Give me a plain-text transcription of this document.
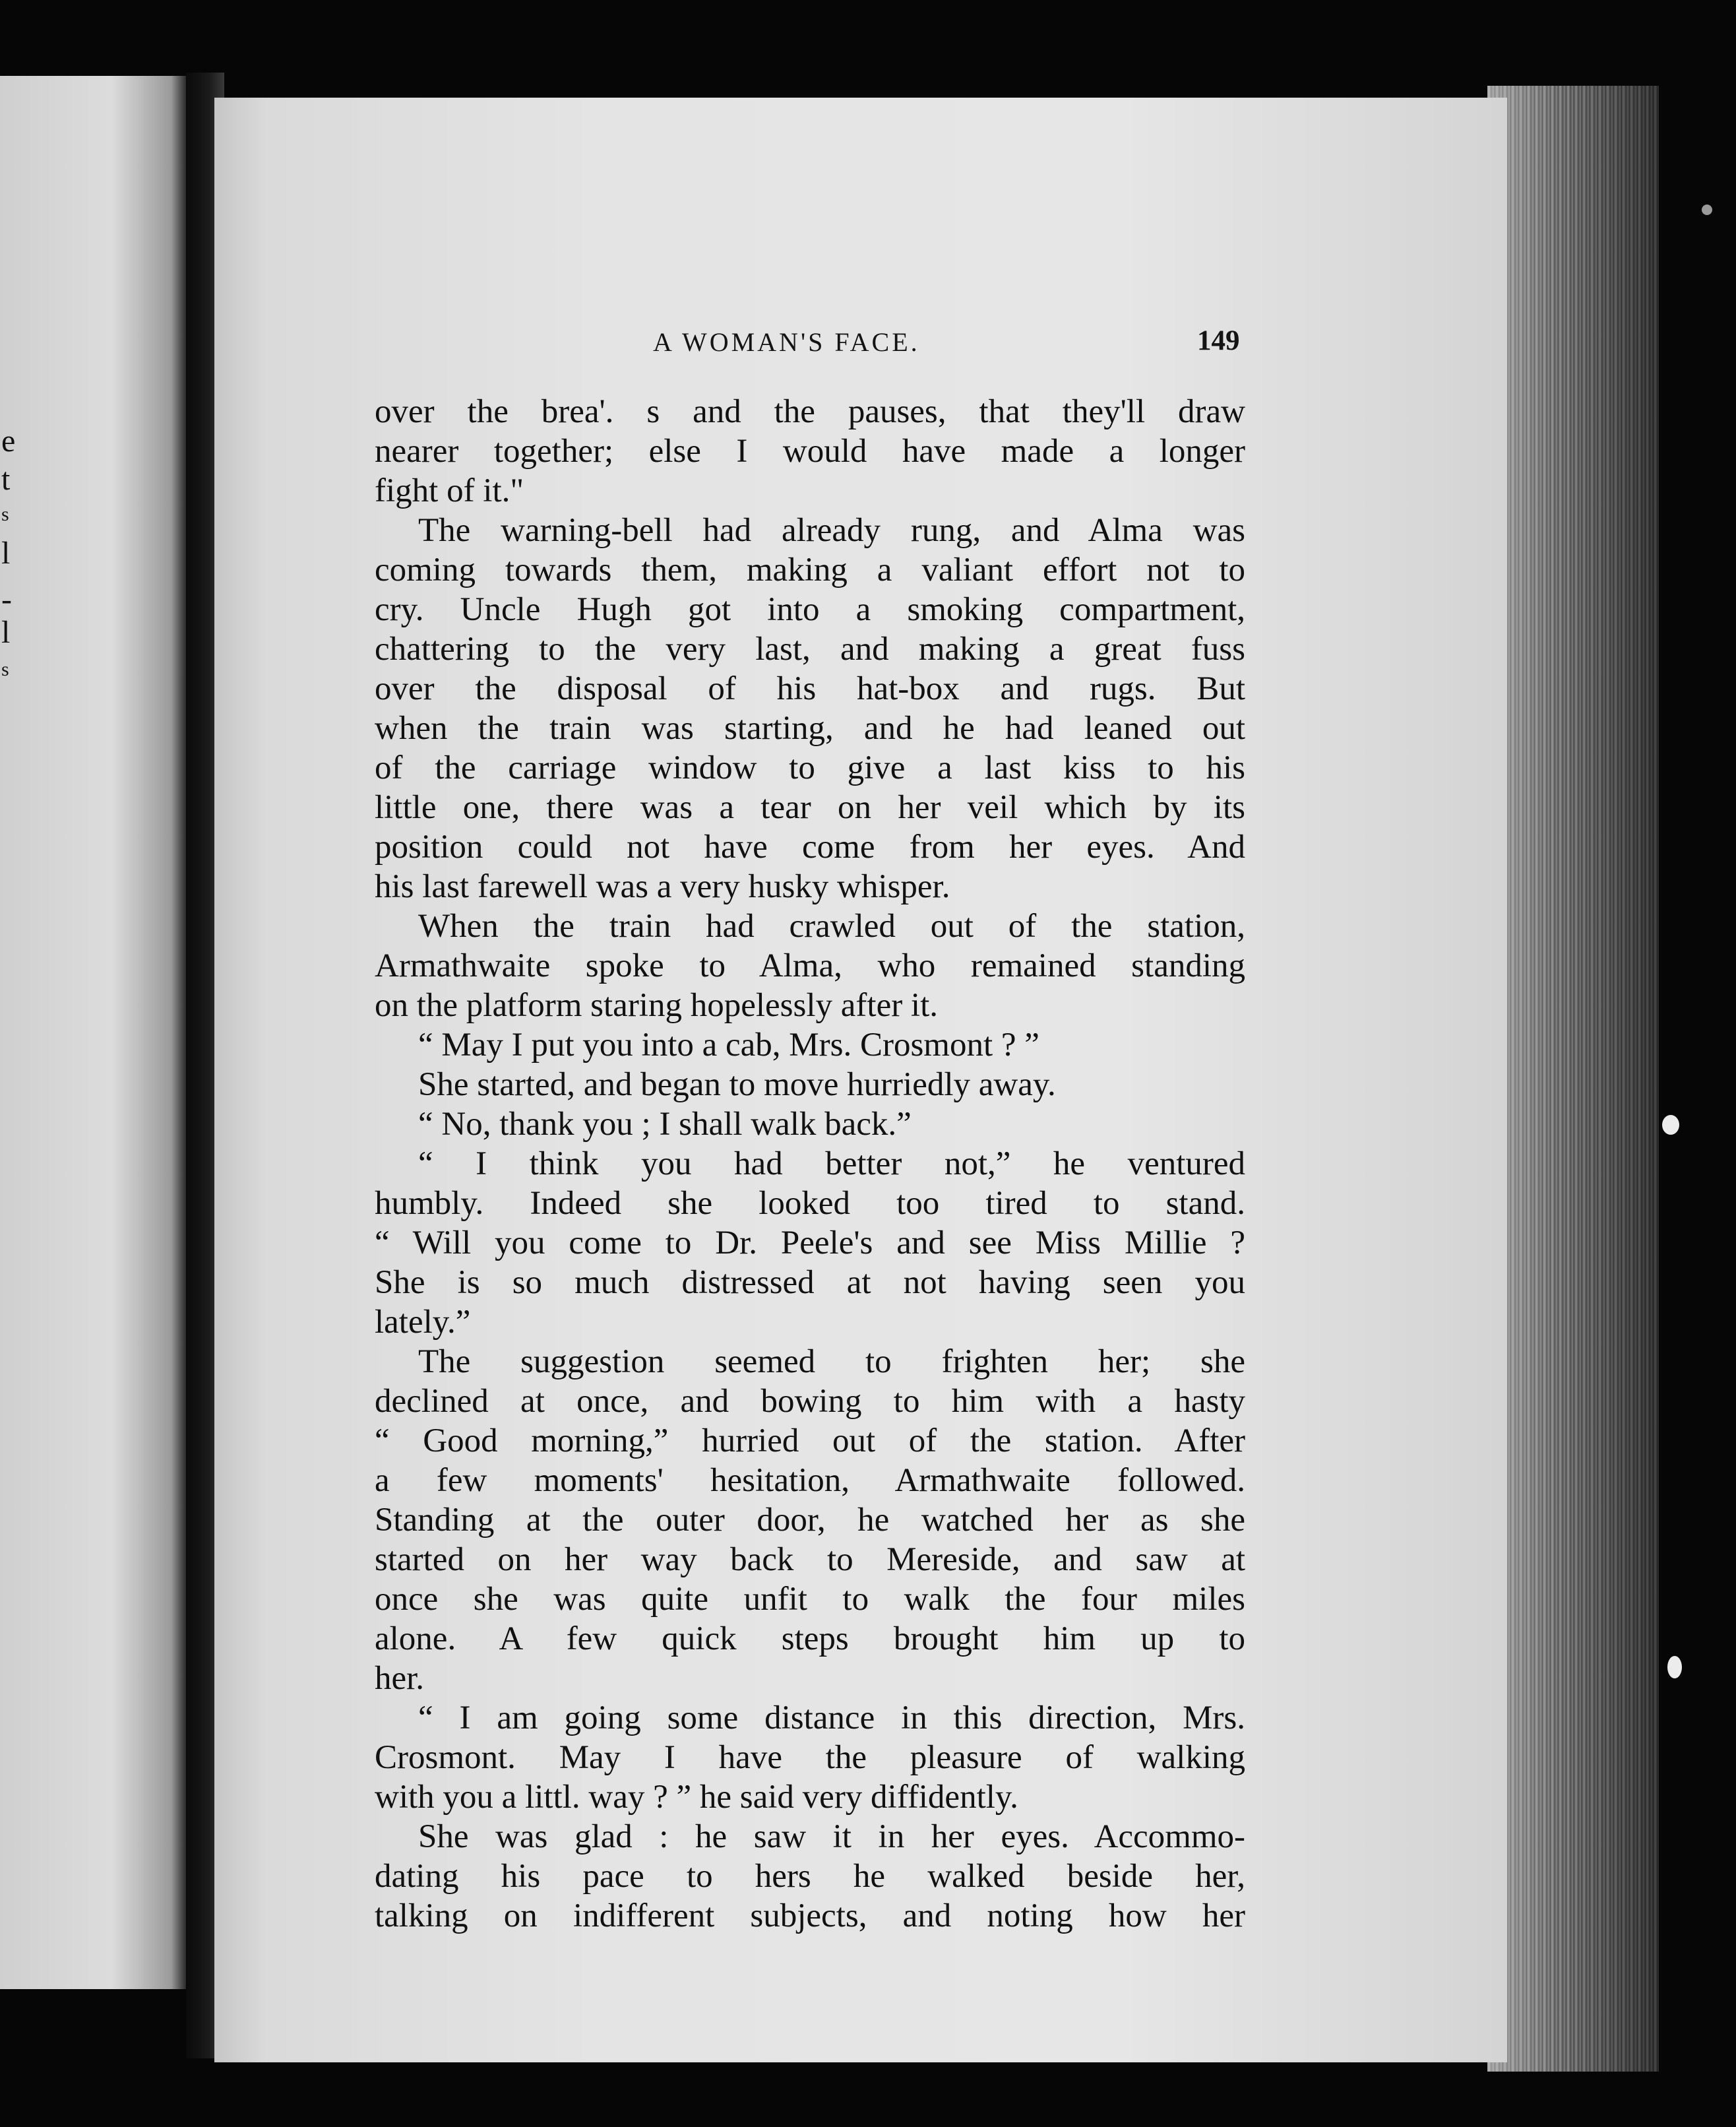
e
t
s
l
-
l
s
A WOMAN'S FACE.	149
over the brea'. s and the pauses, that they'll draw
nearer together; else I would have made a longer
fight of it."
The warning-bell had already rung, and Alma was
coming towards them, making a valiant effort not to
cry. Uncle Hugh got into a smoking compartment,
chattering to the very last, and making a great fuss
over the disposal of his hat-box and rugs. But
when the train was starting, and he had leaned out
of the carriage window to give a last kiss to his
little one, there was a tear on her veil which by its
position could not have come from her eyes. And
his last farewell was a very husky whisper.
When the train had crawled out of the station,
Armathwaite spoke to Alma, who remained standing
on the platform staring hopelessly after it.
“ May I put you into a cab, Mrs. Crosmont ? ”
She started, and began to move hurriedly away.
“ No, thank you ; I shall walk back.”
“ I think you had better not,” he ventured
humbly. Indeed she looked too tired to stand.
“ Will you come to Dr. Peele's and see Miss Millie ?
She is so much distressed at not having seen you
lately.”
The suggestion seemed to frighten her; she
declined at once, and bowing to him with a hasty
“ Good morning,” hurried out of the station. After
a few moments' hesitation, Armathwaite followed.
Standing at the outer door, he watched her as she
started on her way back to Mereside, and saw at
once she was quite unfit to walk the four miles
alone. A few quick steps brought him up to
her.
“ I am going some distance in this direction, Mrs.
Crosmont. May I have the pleasure of walking
with you a littl. way ? ” he said very diffidently.
She was glad : he saw it in her eyes. Accommo-
dating his pace to hers he walked beside her,
talking on indifferent subjects, and noting how her
